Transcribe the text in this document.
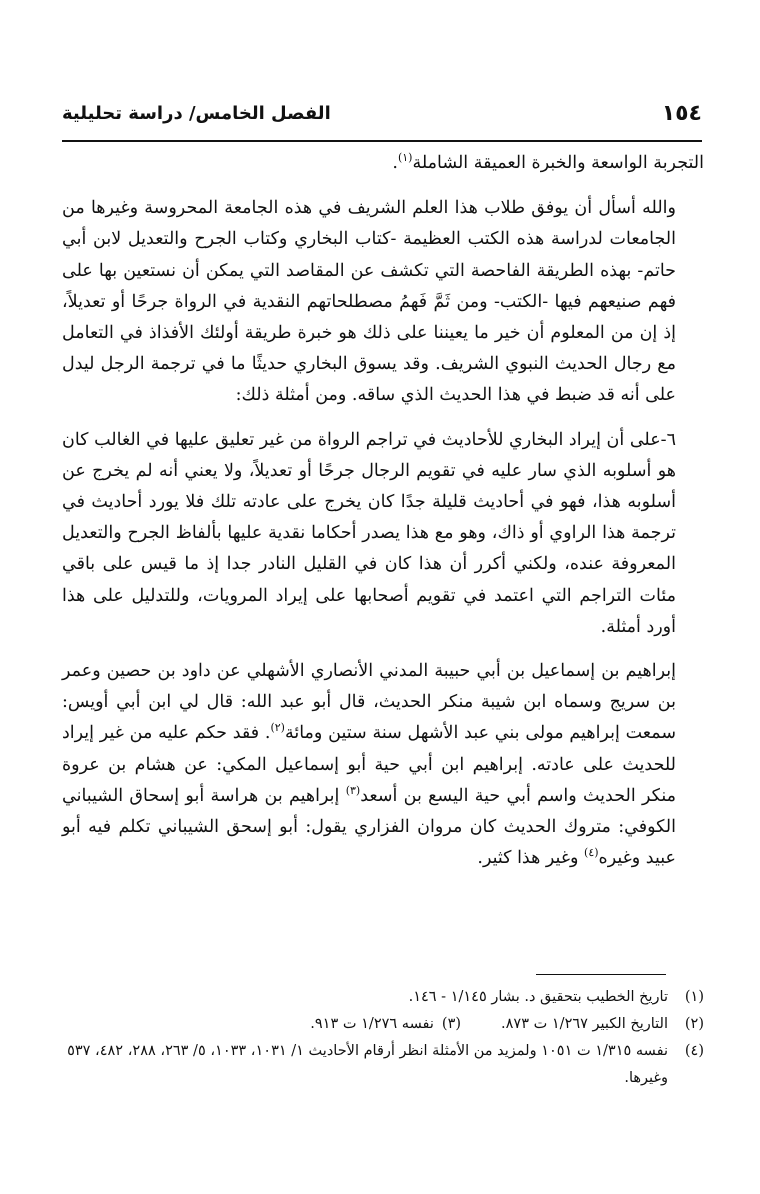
١٥٤
الفصل الخامس/ دراسة تحليلية

التجربة الواسعة والخبرة العميقة الشاملة$^{(١)}$.

والله أسأل أن يوفق طلاب هذا العلم الشريف في هذه الجامعة المحروسة وغيرها من الجامعات لدراسة هذه الكتب العظيمة -كتاب البخاري وكتاب الجرح والتعديل لابن أبي حاتم- بهذه الطريقة الفاحصة التي تكشف عن المقاصد التي يمكن أن نستعين بها على فهم صنيعهم فيها -الكتب- ومن ثَمَّ فَهمُ مصطلحاتهم النقدية في الرواة جرحًا أو تعديلاً، إذ إن من المعلوم أن خير ما يعيننا على ذلك هو خبرة طريقة أولئك الأفذاذ في التعامل مع رجال الحديث النبوي الشريف. وقد يسوق البخاري حديثًا ما في ترجمة الرجل ليدل على أنه قد ضبط في هذا الحديث الذي ساقه. ومن أمثلة ذلك:

٦-على أن إيراد البخاري للأحاديث في تراجم الرواة من غير تعليق عليها في الغالب كان هو أسلوبه الذي سار عليه في تقويم الرجال جرحًا أو تعديلاً، ولا يعني أنه لم يخرج عن أسلوبه هذا، فهو في أحاديث قليلة جدًا كان يخرج على عادته تلك فلا يورد أحاديث في ترجمة هذا الراوي أو ذاك، وهو مع هذا يصدر أحكاما نقدية عليها بألفاظ الجرح والتعديل المعروفة عنده، ولكني أكرر أن هذا كان في القليل النادر جدا إذ ما قيس على باقي مئات التراجم التي اعتمد في تقويم أصحابها على إيراد المرويات، وللتدليل على هذا أورد أمثلة.

إبراهيم بن إسماعيل بن أبي حبيبة المدني الأنصاري الأشهلي عن داود بن حصين وعمر بن سريج وسماه ابن شيبة منكر الحديث، قال أبو عبد الله: قال لي ابن أبي أويس: سمعت إبراهيم مولى بني عبد الأشهل سنة ستين ومائة$^{(٢)}$. فقد حكم عليه من غير إيراد للحديث على عادته. إبراهيم ابن أبي حية أبو إسماعيل المكي: عن هشام بن عروة منكر الحديث واسم أبي حية اليسع بن أسعد$^{(٣)}$ إبراهيم بن هراسة أبو إسحاق الشيباني الكوفي: متروك الحديث كان مروان الفزاري يقول: أبو إسحق الشيباني تكلم فيه أبو عبيد وغيره$^{(٤)}$ وغير هذا كثير.

(١)
تاريخ الخطيب بتحقيق د. بشار ١/١٤٥ - ١٤٦.
(٢)
التاريخ الكبير ١/٢٦٧ ت ٨٧٣.
(٣)
نفسه ١/٢٧٦ ت ٩١٣.
(٤)
نفسه ١/٣١٥ ت ١٠٥١ ولمزيد من الأمثلة انظر أرقام الأحاديث ١/ ١٠٣١، ١٠٣٣، ٥/ ٢٦٣، ٢٨٨، ٤٨٢، ٥٣٧ وغيرها.
